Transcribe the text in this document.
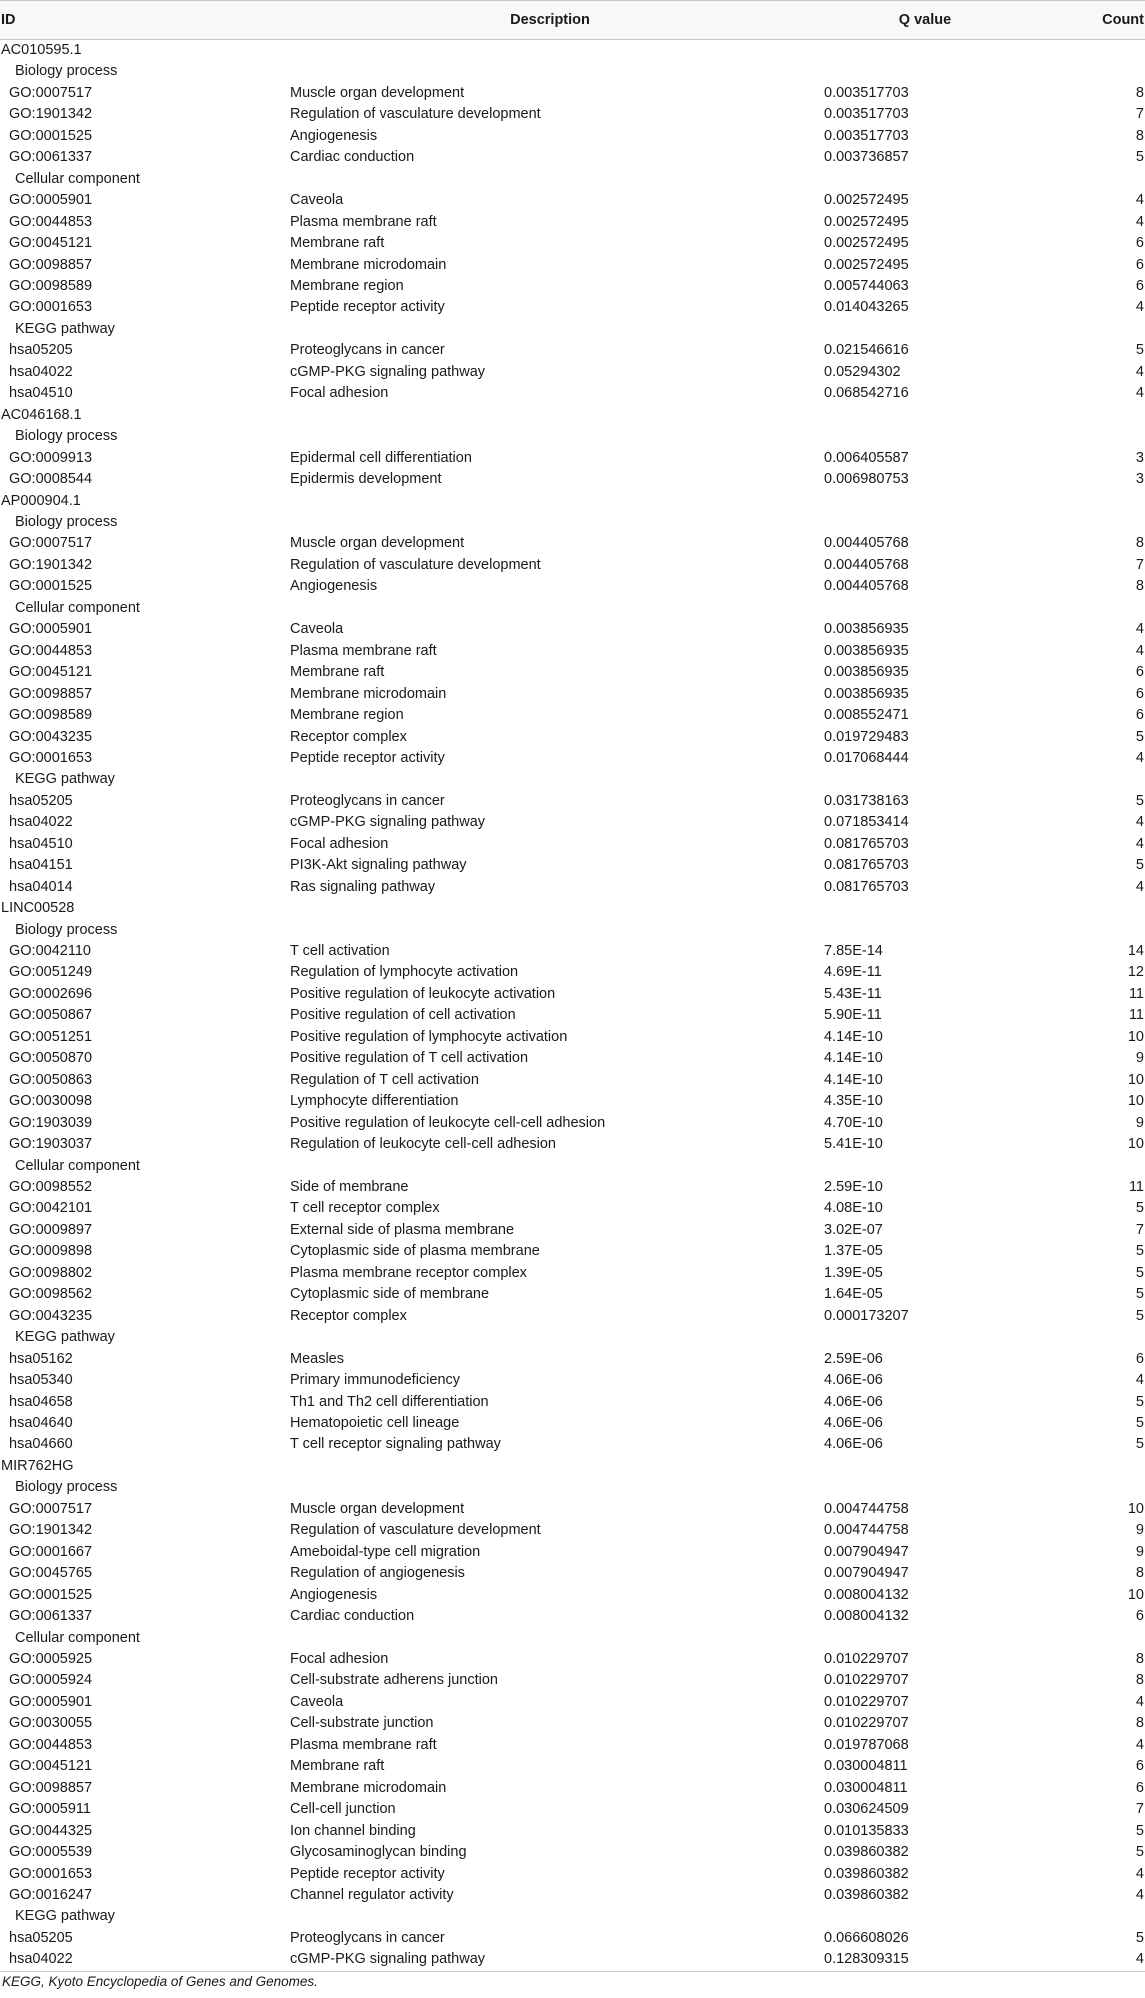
ID	Description	Q value	Count
AC010595.1			
Biology process			
GO:0007517	Muscle organ development	0.003517703	8
GO:1901342	Regulation of vasculature development	0.003517703	7
GO:0001525	Angiogenesis	0.003517703	8
GO:0061337	Cardiac conduction	0.003736857	5
Cellular component			
GO:0005901	Caveola	0.002572495	4
GO:0044853	Plasma membrane raft	0.002572495	4
GO:0045121	Membrane raft	0.002572495	6
GO:0098857	Membrane microdomain	0.002572495	6
GO:0098589	Membrane region	0.005744063	6
GO:0001653	Peptide receptor activity	0.014043265	4
KEGG pathway			
hsa05205	Proteoglycans in cancer	0.021546616	5
hsa04022	cGMP-PKG signaling pathway	0.05294302	4
hsa04510	Focal adhesion	0.068542716	4
AC046168.1			
Biology process			
GO:0009913	Epidermal cell differentiation	0.006405587	3
GO:0008544	Epidermis development	0.006980753	3
AP000904.1			
Biology process			
GO:0007517	Muscle organ development	0.004405768	8
GO:1901342	Regulation of vasculature development	0.004405768	7
GO:0001525	Angiogenesis	0.004405768	8
Cellular component			
GO:0005901	Caveola	0.003856935	4
GO:0044853	Plasma membrane raft	0.003856935	4
GO:0045121	Membrane raft	0.003856935	6
GO:0098857	Membrane microdomain	0.003856935	6
GO:0098589	Membrane region	0.008552471	6
GO:0043235	Receptor complex	0.019729483	5
GO:0001653	Peptide receptor activity	0.017068444	4
KEGG pathway			
hsa05205	Proteoglycans in cancer	0.031738163	5
hsa04022	cGMP-PKG signaling pathway	0.071853414	4
hsa04510	Focal adhesion	0.081765703	4
hsa04151	PI3K-Akt signaling pathway	0.081765703	5
hsa04014	Ras signaling pathway	0.081765703	4
LINC00528			
Biology process			
GO:0042110	T cell activation	7.85E-14	14
GO:0051249	Regulation of lymphocyte activation	4.69E-11	12
GO:0002696	Positive regulation of leukocyte activation	5.43E-11	11
GO:0050867	Positive regulation of cell activation	5.90E-11	11
GO:0051251	Positive regulation of lymphocyte activation	4.14E-10	10
GO:0050870	Positive regulation of T cell activation	4.14E-10	9
GO:0050863	Regulation of T cell activation	4.14E-10	10
GO:0030098	Lymphocyte differentiation	4.35E-10	10
GO:1903039	Positive regulation of leukocyte cell-cell adhesion	4.70E-10	9
GO:1903037	Regulation of leukocyte cell-cell adhesion	5.41E-10	10
Cellular component			
GO:0098552	Side of membrane	2.59E-10	11
GO:0042101	T cell receptor complex	4.08E-10	5
GO:0009897	External side of plasma membrane	3.02E-07	7
GO:0009898	Cytoplasmic side of plasma membrane	1.37E-05	5
GO:0098802	Plasma membrane receptor complex	1.39E-05	5
GO:0098562	Cytoplasmic side of membrane	1.64E-05	5
GO:0043235	Receptor complex	0.000173207	5
KEGG pathway			
hsa05162	Measles	2.59E-06	6
hsa05340	Primary immunodeficiency	4.06E-06	4
hsa04658	Th1 and Th2 cell differentiation	4.06E-06	5
hsa04640	Hematopoietic cell lineage	4.06E-06	5
hsa04660	T cell receptor signaling pathway	4.06E-06	5
MIR762HG			
Biology process			
GO:0007517	Muscle organ development	0.004744758	10
GO:1901342	Regulation of vasculature development	0.004744758	9
GO:0001667	Ameboidal-type cell migration	0.007904947	9
GO:0045765	Regulation of angiogenesis	0.007904947	8
GO:0001525	Angiogenesis	0.008004132	10
GO:0061337	Cardiac conduction	0.008004132	6
Cellular component			
GO:0005925	Focal adhesion	0.010229707	8
GO:0005924	Cell-substrate adherens junction	0.010229707	8
GO:0005901	Caveola	0.010229707	4
GO:0030055	Cell-substrate junction	0.010229707	8
GO:0044853	Plasma membrane raft	0.019787068	4
GO:0045121	Membrane raft	0.030004811	6
GO:0098857	Membrane microdomain	0.030004811	6
GO:0005911	Cell-cell junction	0.030624509	7
GO:0044325	Ion channel binding	0.010135833	5
GO:0005539	Glycosaminoglycan binding	0.039860382	5
GO:0001653	Peptide receptor activity	0.039860382	4
GO:0016247	Channel regulator activity	0.039860382	4
KEGG pathway			
hsa05205	Proteoglycans in cancer	0.066608026	5
hsa04022	cGMP-PKG signaling pathway	0.128309315	4
KEGG, Kyoto Encyclopedia of Genes and Genomes.
